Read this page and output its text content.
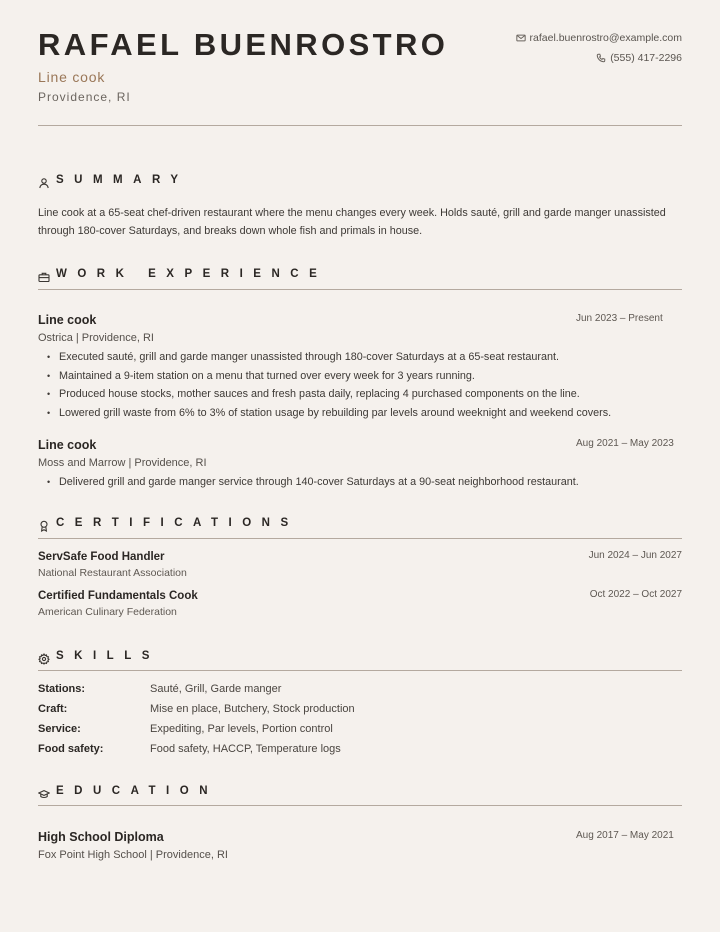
RAFAEL BUENROSTRO
Line cook
Providence, RI
rafael.buenrostro@example.com
(555) 417-2296
SUMMARY
Line cook at a 65-seat chef-driven restaurant where the menu changes every week. Holds sauté, grill and garde manger unassisted through 180-cover Saturdays, and breaks down whole fish and primals in house.
WORK EXPERIENCE
Line cook	Jun 2023 – Present
Ostrica | Providence, RI
• Executed sauté, grill and garde manger unassisted through 180-cover Saturdays at a 65-seat restaurant.
• Maintained a 9-item station on a menu that turned over every week for 3 years running.
• Produced house stocks, mother sauces and fresh pasta daily, replacing 4 purchased components on the line.
• Lowered grill waste from 6% to 3% of station usage by rebuilding par levels around weeknight and weekend covers.
Line cook	Aug 2021 – May 2023
Moss and Marrow | Providence, RI
• Delivered grill and garde manger service through 140-cover Saturdays at a 90-seat neighborhood restaurant.
CERTIFICATIONS
ServSafe Food Handler	Jun 2024 – Jun 2027
National Restaurant Association
Certified Fundamentals Cook	Oct 2022 – Oct 2027
American Culinary Federation
SKILLS
Stations:	Sauté, Grill, Garde manger
Craft:	Mise en place, Butchery, Stock production
Service:	Expediting, Par levels, Portion control
Food safety:	Food safety, HACCP, Temperature logs
EDUCATION
High School Diploma	Aug 2017 – May 2021
Fox Point High School | Providence, RI
